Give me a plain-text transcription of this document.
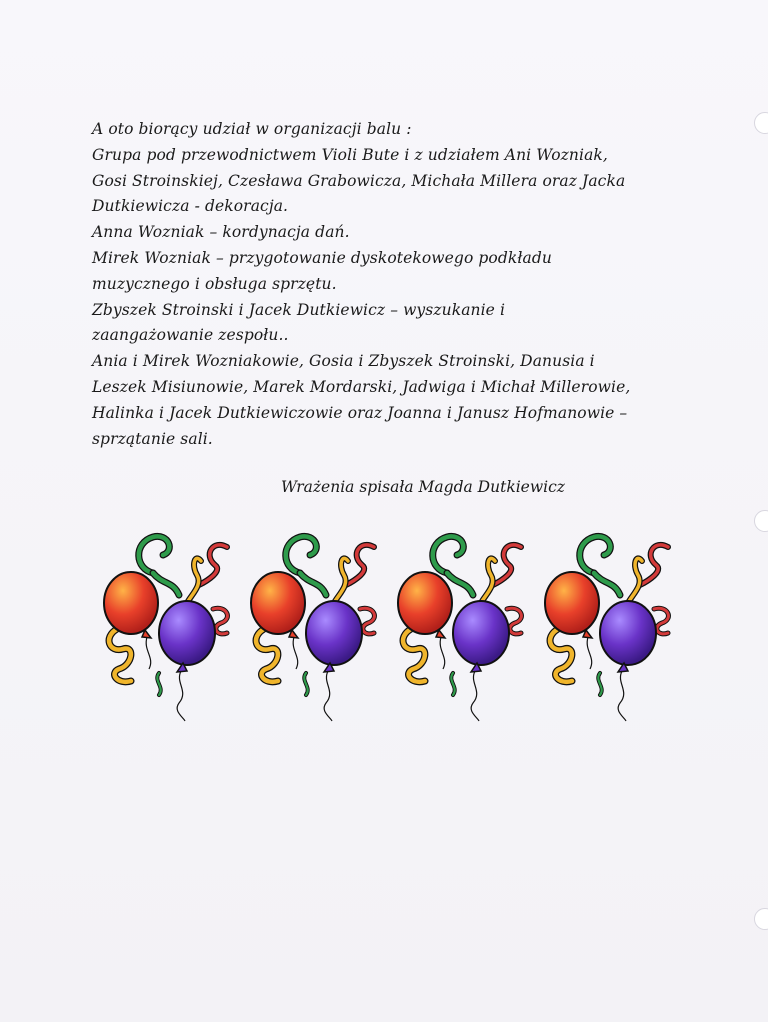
A oto biorący udział w organizacji balu :
Grupa pod przewodnictwem Violi Bute i z udziałem Ani Wozniak,
Gosi Stroinskiej, Czesława Grabowicza, Michała Millera oraz Jacka
Dutkiewicza - dekoracja.
Anna Wozniak – kordynacja dań.
Mirek Wozniak – przygotowanie dyskotekowego podkładu
muzycznego i obsługa sprzętu.
Zbyszek Stroinski i Jacek Dutkiewicz – wyszukanie i
zaangażowanie zespołu..
Ania i Mirek Wozniakowie, Gosia i Zbyszek Stroinski, Danusia i
Leszek Misiunowie, Marek Mordarski, Jadwiga i Michał Millerowie,
Halinka i Jacek Dutkiewiczowie oraz Joanna i Janusz Hofmanowie –
sprzątanie sali.
Wrażenia spisała Magda Dutkiewicz
